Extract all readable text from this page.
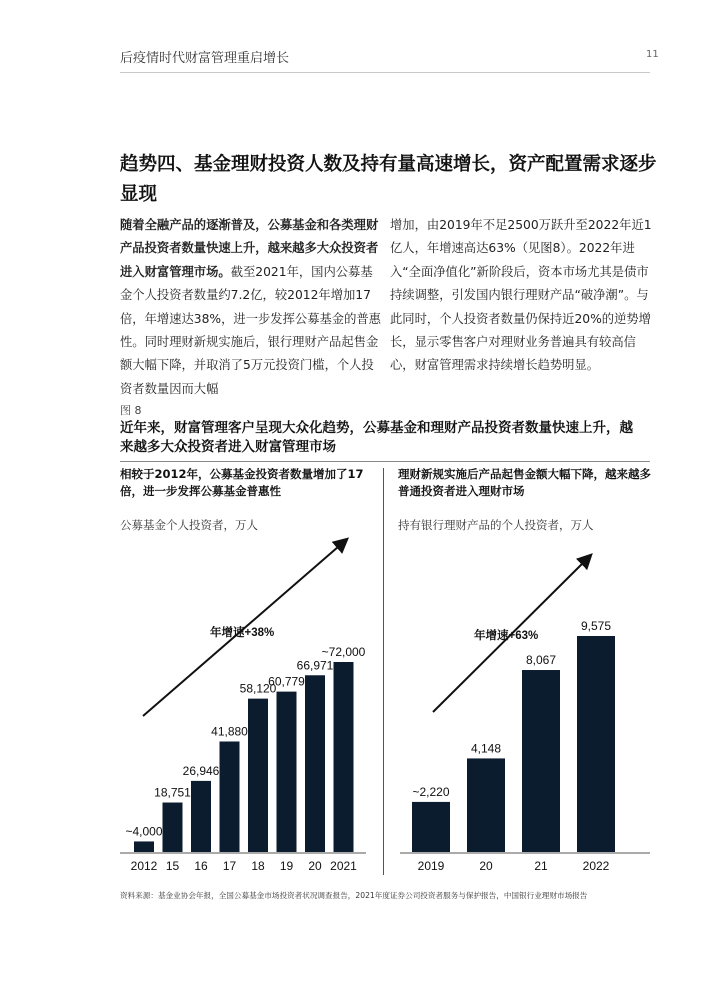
后疫情时代财富管理重启增长	11
趋势四、基金理财投资人数及持有量高速增长，资产配置需求逐步显现
随着全融产品的逐渐普及，公募基金和各类理财产品投资者数量快速上升，越来越多大众投资者进入财富管理市场。截至2021年，国内公募基金个人投资者数量约7.2亿，较2012年增加17倍，年增速达38%，进一步发挥公募基金的普惠性。同时理财新规实施后，银行理财产品起售金额大幅下降，并取消了5万元投资门槛，个人投资者数量因而大幅
增加，由2019年不足2500万跃升至2022年近1亿人，年增速高达63%（见图8）。2022年进入“全面净值化”新阶段后，资本市场尤其是债市持续调整，引发国内银行理财产品“破净潮”。与此同时，个人投资者数量仍保持近20%的逆势增长，显示零售客户对理财业务普遍具有较高信心，财富管理需求持续增长趋势明显。
图 8
近年来，财富管理客户呈现大众化趋势，公募基金和理财产品投资者数量快速上升，越来越多大众投资者进入财富管理市场
相较于2012年，公募基金投资者数量增加了17倍，进一步发挥公募基金普惠性
公募基金个人投资者，万人
理财新规实施后产品起售金额大幅下降，越来越多普通投资者进入理财市场
持有银行理财产品的个人投资者，万人
年增速+38%	年增速+63%
~4,000
2012
18,751
15
26,946
16
41,880
17
58,120
18
60,779
19
66,971
20
~72,000
2021
~2,220
2019
4,148
20
8,067
21
9,575
2022
资料来源：基金业协会年报，全国公募基金市场投资者状况调查报告，2021年度证券公司投资者服务与保护报告，中国银行业理财市场报告
